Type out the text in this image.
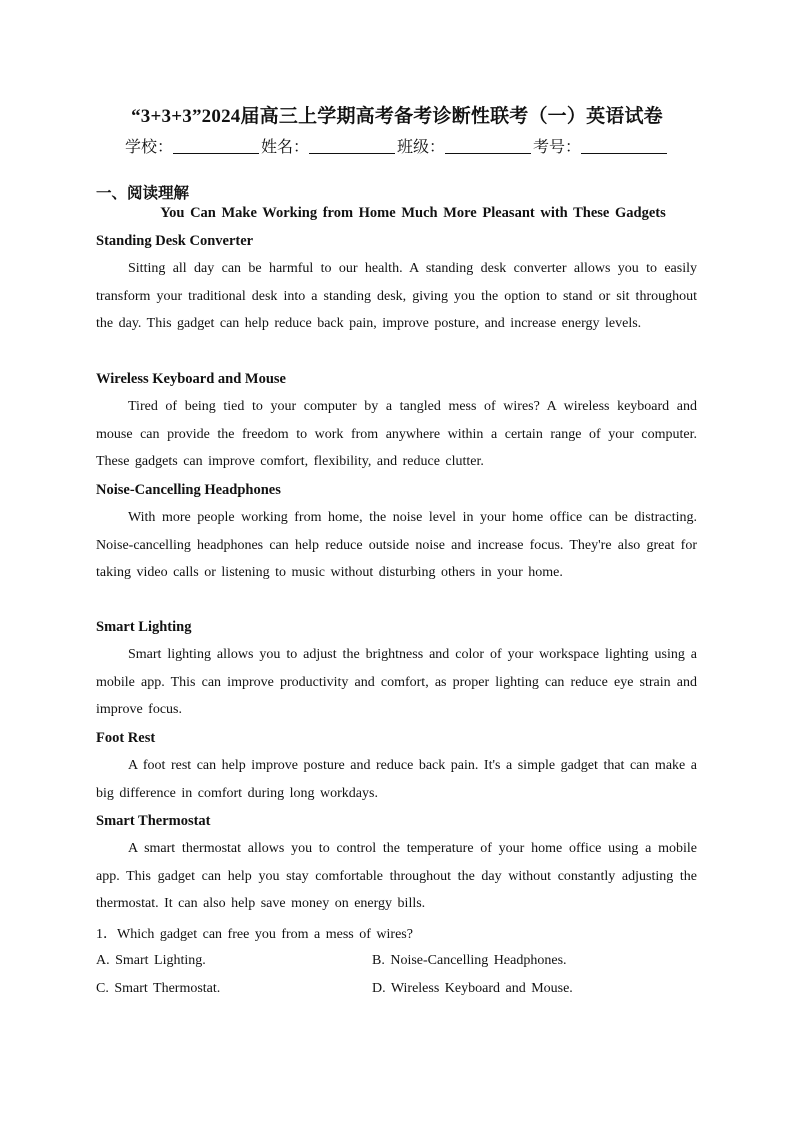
“3+3+3”2024届高三上学期高考备考诊断性联考（一）英语试卷
学校：	姓名：	班级：	考号：
一、阅读理解
You Can Make Working from Home Much More Pleasant with These Gadgets
Standing Desk Converter
Sitting all day can be harmful to our health. A standing desk converter allows you to easily transform your traditional desk into a standing desk, giving you the option to stand or sit throughout the day. This gadget can help reduce back pain, improve posture, and increase energy levels.
Wireless Keyboard and Mouse
Tired of being tied to your computer by a tangled mess of wires? A wireless keyboard and mouse can provide the freedom to work from anywhere within a certain range of your computer. These gadgets can improve comfort, flexibility, and reduce clutter.
Noise-Cancelling Headphones
With more people working from home, the noise level in your home office can be distracting. Noise-cancelling headphones can help reduce outside noise and increase focus. They're also great for taking video calls or listening to music without disturbing others in your home.
Smart Lighting
Smart lighting allows you to adjust the brightness and color of your workspace lighting using a mobile app. This can improve productivity and comfort, as proper lighting can reduce eye strain and improve focus.
Foot Rest
A foot rest can help improve posture and reduce back pain. It's a simple gadget that can make a big difference in comfort during long workdays.
Smart Thermostat
A smart thermostat allows you to control the temperature of your home office using a mobile app. This gadget can help you stay comfortable throughout the day without constantly adjusting the thermostat. It can also help save money on energy bills.
1．Which gadget can free you from a mess of wires?
A. Smart Lighting.	B. Noise-Cancelling Headphones.
C. Smart Thermostat.	D. Wireless Keyboard and Mouse.
